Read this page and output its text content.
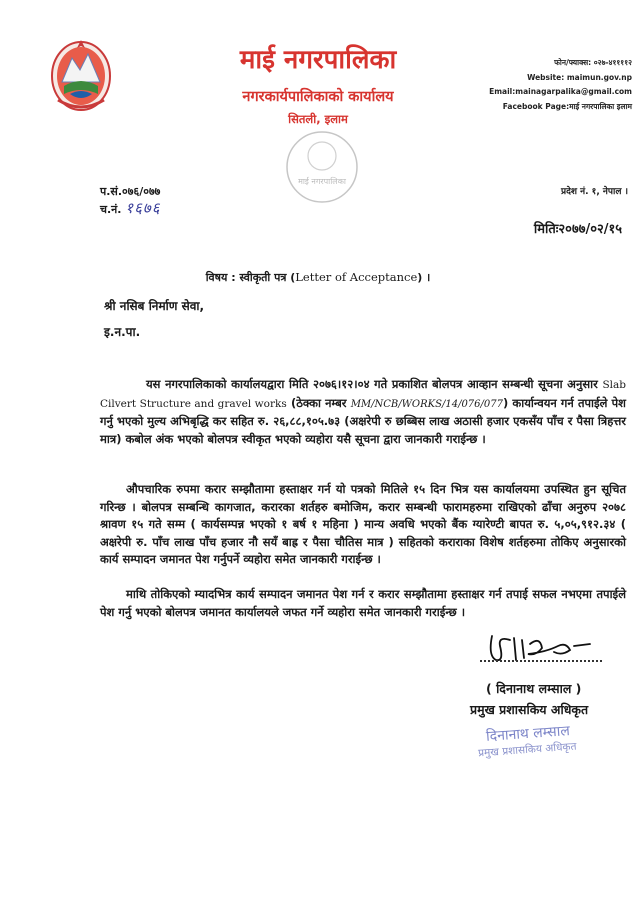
माई नगरपालिका
नगरकार्यपालिकाको कार्यालय
सितली, इलाम
फोन/फ्याक्स: ०२७-४११११२
Website: maimun.gov.np
Email:mainagarpalika@gmail.com
Facebook Page:माई नगरपालिका इलाम
माई नगरपालिका
प.सं.०७६/०७७
च.नं. १६७६
प्रदेश नं. १, नेपाल ।
मितिः२०७७/०२/१५
विषय : स्वीकृती पत्र (Letter of Acceptance) ।
श्री नसिब निर्माण सेवा,
इ.न.पा.

यस नगरपालिकाको कार्यालयद्वारा मिति २०७६।१२।०४ गते प्रकाशित बोलपत्र आव्हान सम्बन्धी सूचना अनुसार Slab Cilvert Structure and gravel works (ठेक्का नम्बर MM/NCB/WORKS/14/076/077) कार्यान्वयन गर्न तपाईले पेश गर्नु भएको मुल्य अभिबृद्धि कर सहित रु. २६,८८,१०५.७३ (अक्षरेपी रु छब्बिस लाख अठासी हजार एकसँय पाँच र पैसा त्रिहत्तर मात्र) कबोल अंक भएको बोलपत्र स्वीकृत भएको व्यहोरा यसै सूचना द्वारा जानकारी गराईन्छ ।

औपचारिक रुपमा करार सम्झौतामा हस्ताक्षर गर्न यो पत्रको मितिले १५ दिन भित्र यस कार्यालयमा उपस्थित हुन सूचित गरिन्छ । बोलपत्र सम्बन्धि कागजात, करारका शर्तहरु बमोजिम, करार सम्बन्धी फारामहरुमा राखिएको ढाँचा अनुरुप २०७८ श्रावण १५ गते सम्म ( कार्यसम्पन्न भएको १ बर्ष १ महिना ) मान्य अवधि भएको बैंक ग्यारेण्टी बापत रु. ५,०५,९१२.३४ ( अक्षरेपी रु. पाँच लाख पाँच हजार नौ सयँ बाह्र र पैसा चौतिस मात्र ) सहितको कराराका विशेष शर्तहरुमा तोकिए अनुसारको कार्य सम्पादन जमानत पेश गर्नुपर्ने व्यहोरा समेत जानकारी गराईन्छ ।

माथि तोकिएको म्यादभित्र कार्य सम्पादन जमानत पेश गर्न र करार सम्झौतामा हस्ताक्षर गर्न तपाई सफल नभएमा तपाईले पेश गर्नु भएको बोलपत्र जमानत कार्यालयले जफत गर्ने व्यहोरा समेत जानकारी गराईन्छ ।

( दिनानाथ लम्साल )
प्रमुख प्रशासकिय अधिकृत
दिनानाथ लम्साल
प्रमुख प्रशासकिय अधिकृत
